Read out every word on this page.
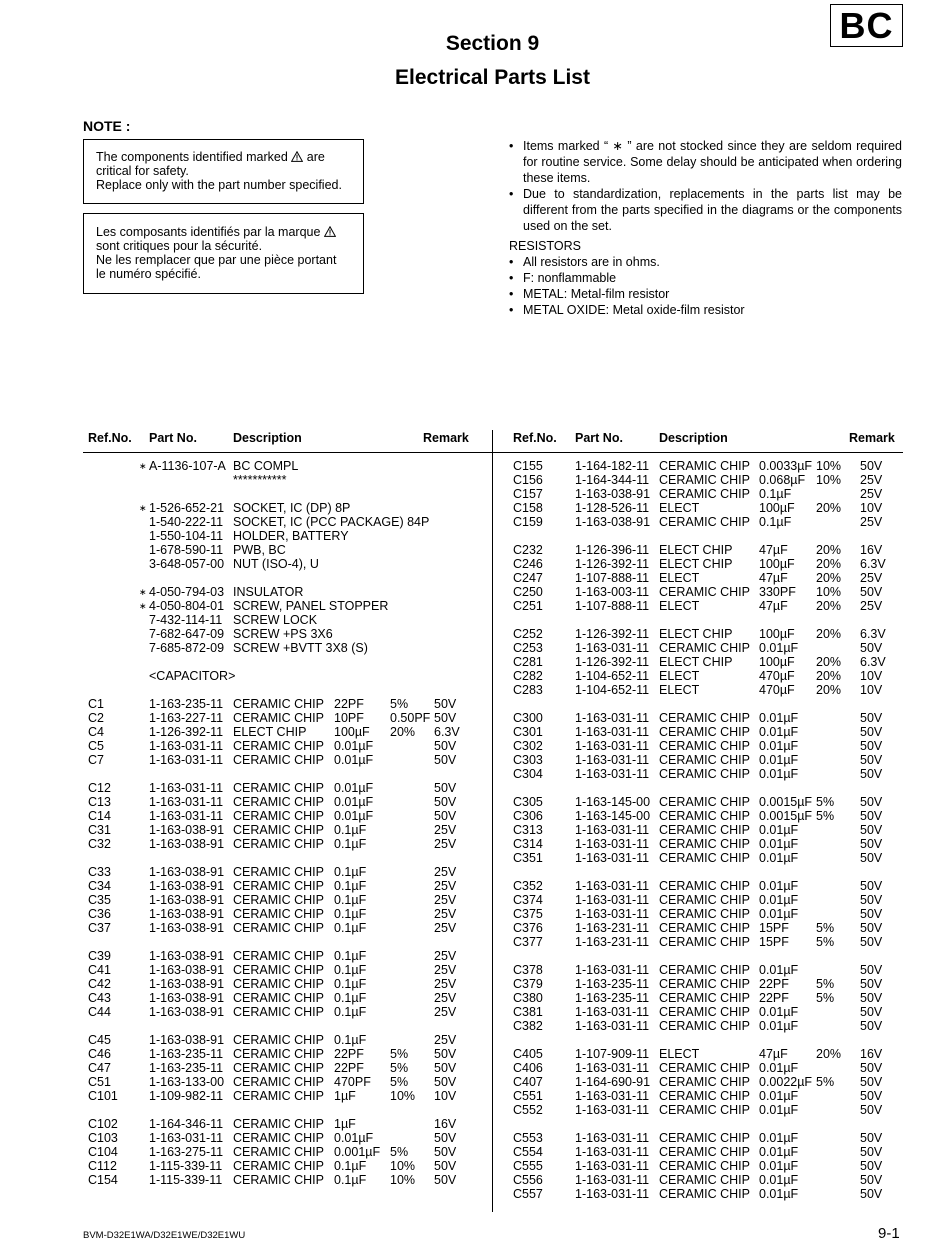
BC
Section 9
Electrical Parts List
NOTE :
The components identified marked are
critical for safety.
Replace only with the part number specified.
Les composants identifiés par la marque
sont critiques pour la sécurité.
Ne les remplacer que par une pièce portant
le numéro spécifié.
• Items marked “ ∗ ” are not stocked since they are seldom required for routine service. Some delay should be anticipated when ordering these items.
• Due to standardization, replacements in the parts list may be different from the parts specified in the diagrams or the components used on the set.
RESISTORS
• All resistors are in ohms.
• F: nonflammable
• METAL: Metal-film resistor
• METAL OXIDE: Metal oxide-film resistor
Ref.No. Part No.	Description	Remark	Ref.No. Part No.	Description	Remark
∗ A-1136-107-A BC COMPL
***********
∗ 1-526-652-21 SOCKET, IC (DP) 8P
1-540-222-11 SOCKET, IC (PCC PACKAGE) 84P
1-550-104-11 HOLDER, BATTERY
1-678-590-11 PWB, BC
3-648-057-00 NUT (ISO-4), U
∗ 4-050-794-03 INSULATOR
∗ 4-050-804-01 SCREW, PANEL STOPPER
7-432-114-11 SCREW LOCK
7-682-647-09 SCREW +PS 3X6
7-685-872-09 SCREW +BVTT 3X8 (S)
<CAPACITOR>
C1	1-163-235-11 CERAMIC CHIP 22PF 5% 50V
C2	1-163-227-11 CERAMIC CHIP 10PF 0.50PF 50V
C4	1-126-392-11 ELECT CHIP 100µF 20% 6.3V
C5	1-163-031-11 CERAMIC CHIP 0.01µF	50V
C7	1-163-031-11 CERAMIC CHIP 0.01µF	50V
C12	1-163-031-11 CERAMIC CHIP 0.01µF	50V
C13	1-163-031-11 CERAMIC CHIP 0.01µF	50V
C14	1-163-031-11 CERAMIC CHIP 0.01µF	50V
C31	1-163-038-91 CERAMIC CHIP 0.1µF	25V
C32	1-163-038-91 CERAMIC CHIP 0.1µF	25V
C33	1-163-038-91 CERAMIC CHIP 0.1µF	25V
C34	1-163-038-91 CERAMIC CHIP 0.1µF	25V
C35	1-163-038-91 CERAMIC CHIP 0.1µF	25V
C36	1-163-038-91 CERAMIC CHIP 0.1µF	25V
C37	1-163-038-91 CERAMIC CHIP 0.1µF	25V
C39	1-163-038-91 CERAMIC CHIP 0.1µF	25V
C41	1-163-038-91 CERAMIC CHIP 0.1µF	25V
C42	1-163-038-91 CERAMIC CHIP 0.1µF	25V
C43	1-163-038-91 CERAMIC CHIP 0.1µF	25V
C44	1-163-038-91 CERAMIC CHIP 0.1µF	25V
C45	1-163-038-91 CERAMIC CHIP 0.1µF	25V
C46	1-163-235-11 CERAMIC CHIP 22PF 5% 50V
C47	1-163-235-11 CERAMIC CHIP 22PF 5% 50V
C51	1-163-133-00 CERAMIC CHIP 470PF 5% 50V
C101 1-109-982-11 CERAMIC CHIP 1µF	10% 10V
C102 1-164-346-11 CERAMIC CHIP 1µF	16V
C103 1-163-031-11 CERAMIC CHIP 0.01µF	50V
C104 1-163-275-11 CERAMIC CHIP 0.001µF 5% 50V
C112	1-115-339-11 CERAMIC CHIP 0.1µF 10% 50V
C154 1-115-339-11 CERAMIC CHIP 0.1µF 10% 50V
C155	1-164-182-11 CERAMIC CHIP 0.0033µF 10% 50V
C156	1-164-344-11 CERAMIC CHIP 0.068µF 10% 25V
C157	1-163-038-91 CERAMIC CHIP 0.1µF	25V
C158	1-128-526-11 ELECT	100µF 20% 10V
C159	1-163-038-91 CERAMIC CHIP 0.1µF	25V
C232	1-126-396-11 ELECT CHIP 47µF 20% 16V
C246	1-126-392-11 ELECT CHIP 100µF 20% 6.3V
C247	1-107-888-11 ELECT	47µF 20% 25V
C250	1-163-003-11 CERAMIC CHIP 330PF 10% 50V
C251	1-107-888-11 ELECT	47µF 20% 25V
C252	1-126-392-11 ELECT CHIP 100µF 20% 6.3V
C253	1-163-031-11 CERAMIC CHIP 0.01µF	50V
C281	1-126-392-11 ELECT CHIP 100µF 20% 6.3V
C282	1-104-652-11 ELECT	470µF 20% 10V
C283	1-104-652-11 ELECT	470µF 20% 10V
C300	1-163-031-11 CERAMIC CHIP 0.01µF	50V
C301	1-163-031-11 CERAMIC CHIP 0.01µF	50V
C302	1-163-031-11 CERAMIC CHIP 0.01µF	50V
C303	1-163-031-11 CERAMIC CHIP 0.01µF	50V
C304	1-163-031-11 CERAMIC CHIP 0.01µF	50V
C305	1-163-145-00 CERAMIC CHIP 0.0015µF 5% 50V
C306	1-163-145-00 CERAMIC CHIP 0.0015µF 5% 50V
C313	1-163-031-11 CERAMIC CHIP 0.01µF	50V
C314	1-163-031-11 CERAMIC CHIP 0.01µF	50V
C351	1-163-031-11 CERAMIC CHIP 0.01µF	50V
C352	1-163-031-11 CERAMIC CHIP 0.01µF	50V
C374	1-163-031-11 CERAMIC CHIP 0.01µF	50V
C375	1-163-031-11 CERAMIC CHIP 0.01µF	50V
C376	1-163-231-11 CERAMIC CHIP 15PF 5% 50V
C377	1-163-231-11 CERAMIC CHIP 15PF 5% 50V
C378	1-163-031-11 CERAMIC CHIP 0.01µF	50V
C379	1-163-235-11 CERAMIC CHIP 22PF 5% 50V
C380	1-163-235-11 CERAMIC CHIP 22PF 5% 50V
C381	1-163-031-11 CERAMIC CHIP 0.01µF	50V
C382	1-163-031-11 CERAMIC CHIP 0.01µF	50V
C405	1-107-909-11 ELECT	47µF 20% 16V
C406	1-163-031-11 CERAMIC CHIP 0.01µF	50V
C407	1-164-690-91 CERAMIC CHIP 0.0022µF 5% 50V
C551	1-163-031-11 CERAMIC CHIP 0.01µF	50V
C552	1-163-031-11 CERAMIC CHIP 0.01µF	50V
C553	1-163-031-11 CERAMIC CHIP 0.01µF	50V
C554	1-163-031-11 CERAMIC CHIP 0.01µF	50V
C555	1-163-031-11 CERAMIC CHIP 0.01µF	50V
C556	1-163-031-11 CERAMIC CHIP 0.01µF	50V
C557	1-163-031-11 CERAMIC CHIP 0.01µF	50V
BVM-D32E1WA/D32E1WE/D32E1WU	9-1
